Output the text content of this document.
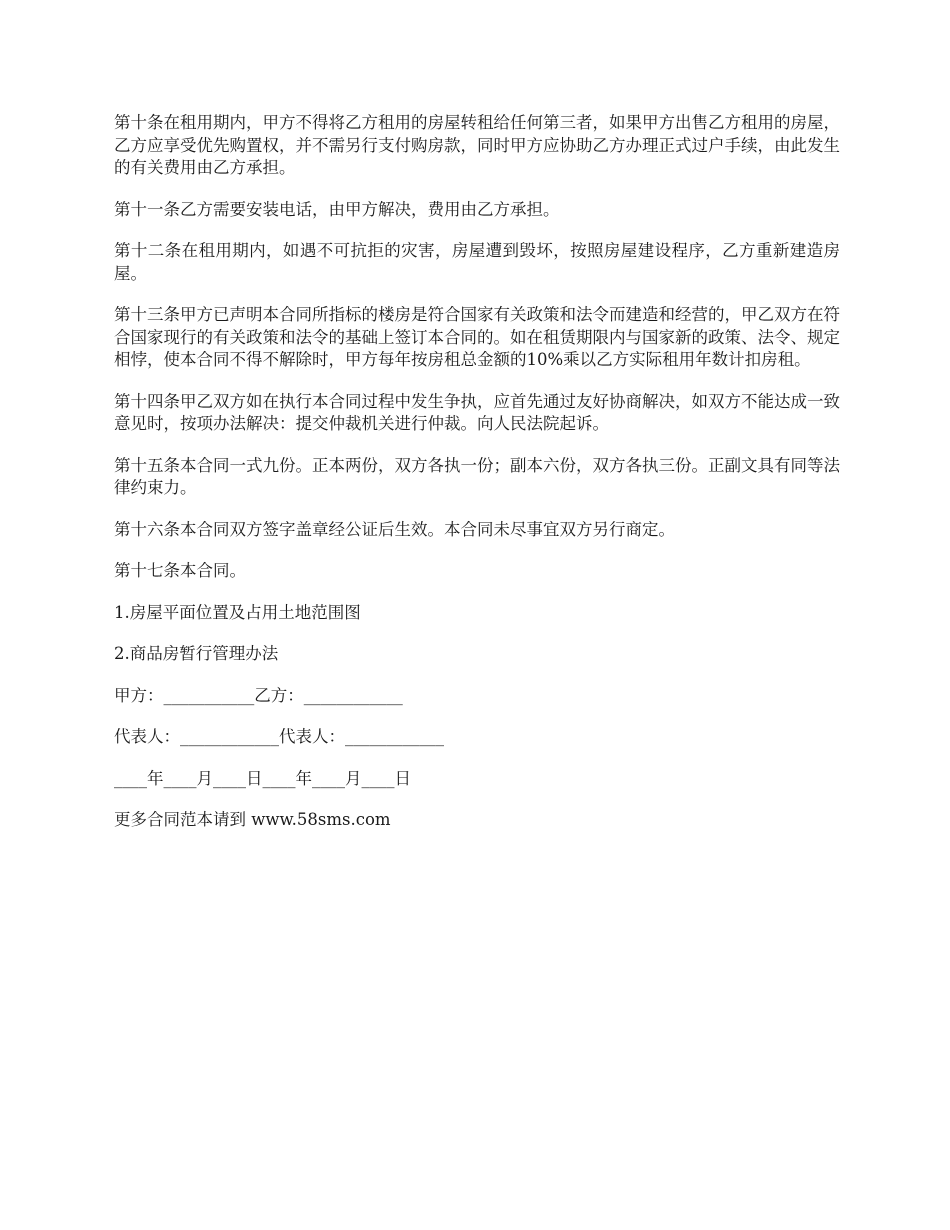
第十条在租用期内，甲方不得将乙方租用的房屋转租给任何第三者，如果甲方出售乙方租用的房屋，乙方应享受优先购置权，并不需另行支付购房款，同时甲方应协助乙方办理正式过户手续，由此发生的有关费用由乙方承担。

第十一条乙方需要安装电话，由甲方解决，费用由乙方承担。

第十二条在租用期内，如遇不可抗拒的灾害，房屋遭到毁坏，按照房屋建设程序，乙方重新建造房屋。

第十三条甲方已声明本合同所指标的楼房是符合国家有关政策和法令而建造和经营的，甲乙双方在符合国家现行的有关政策和法令的基础上签订本合同的。如在租赁期限内与国家新的政策、法令、规定相悖，使本合同不得不解除时，甲方每年按房租总金额的10%乘以乙方实际租用年数计扣房租。

第十四条甲乙双方如在执行本合同过程中发生争执，应首先通过友好协商解决，如双方不能达成一致意见时，按项办法解决：提交仲裁机关进行仲裁。向人民法院起诉。

第十五条本合同一式九份。正本两份，双方各执一份；副本六份，双方各执三份。正副文具有同等法律约束力。

第十六条本合同双方签字盖章经公证后生效。本合同未尽事宜双方另行商定。

第十七条本合同。

1.房屋平面位置及占用土地范围图

2.商品房暂行管理办法

甲方：___________乙方：____________

代表人：____________代表人：____________

____年____月____日____年____月____日

更多合同范本请到 www.58sms.com
